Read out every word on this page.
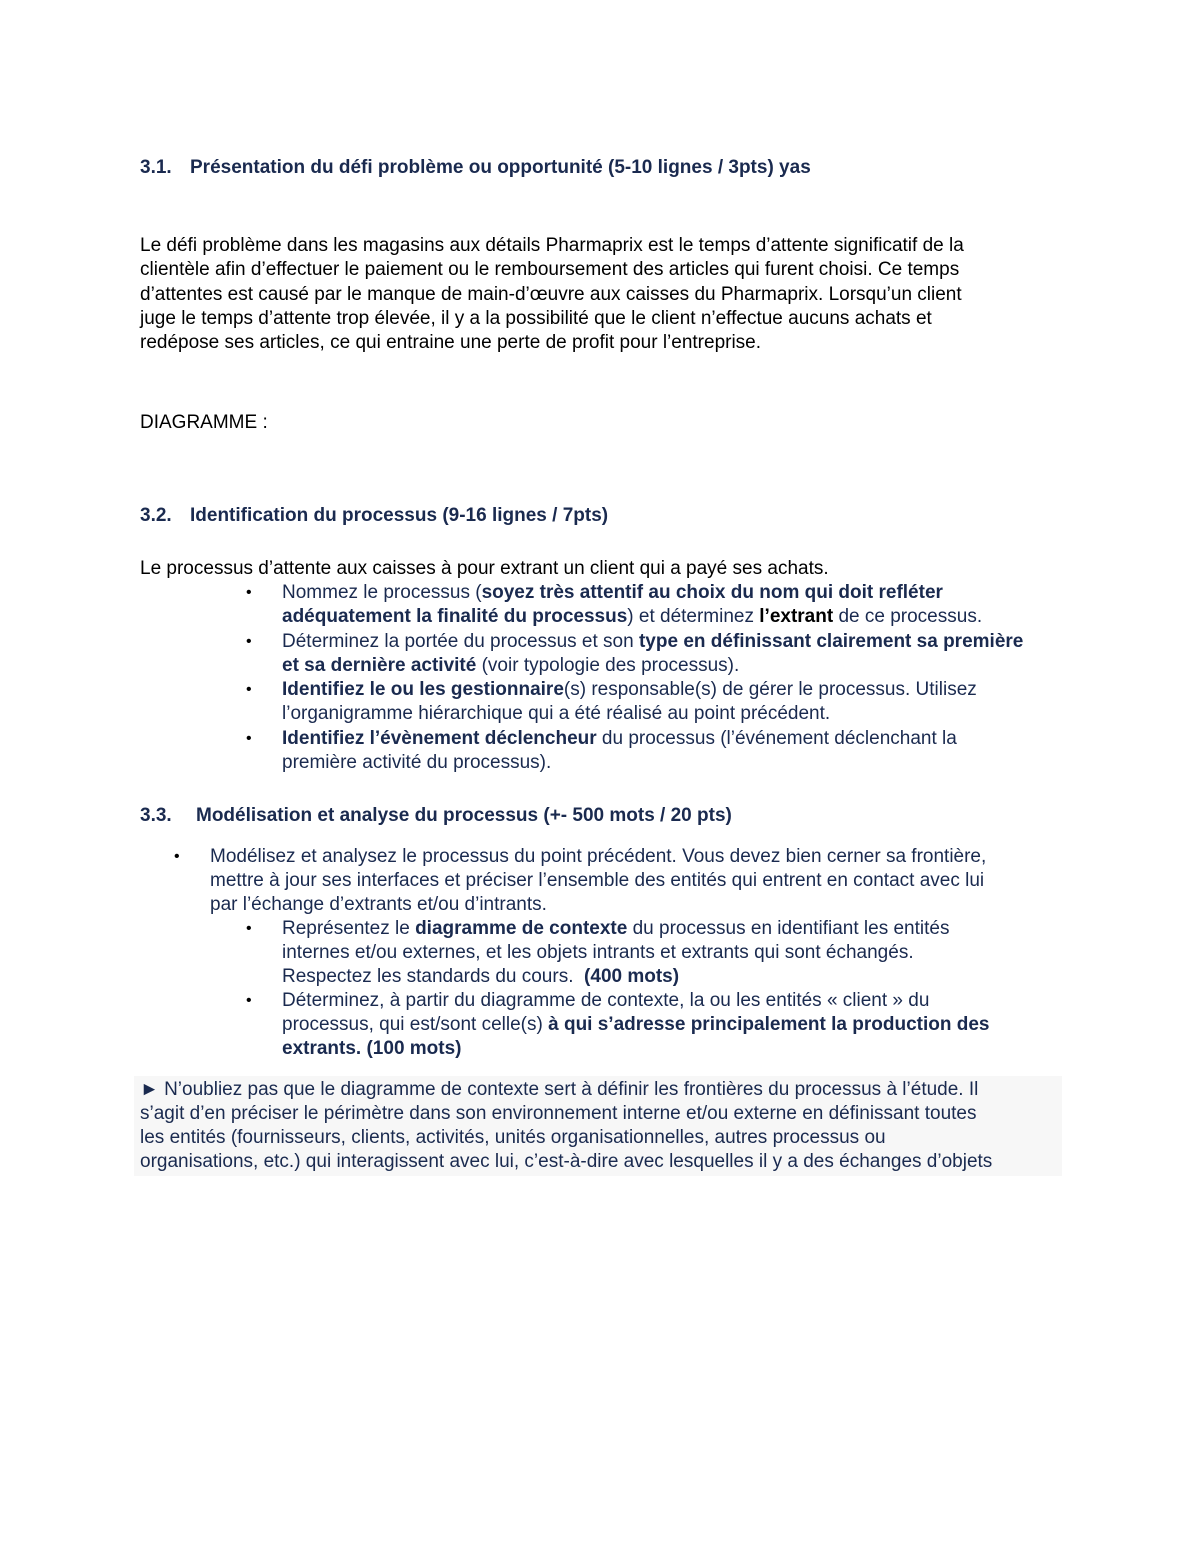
3.1. Présentation du défi problème ou opportunité (5-10 lignes / 3pts) yas
Le défi problème dans les magasins aux détails Pharmaprix est le temps d’attente significatif de la
clientèle afin d’effectuer le paiement ou le remboursement des articles qui furent choisi. Ce temps
d’attentes est causé par le manque de main-d’œuvre aux caisses du Pharmaprix. Lorsqu’un client
juge le temps d’attente trop élevée, il y a la possibilité que le client n’effectue aucuns achats et
redépose ses articles, ce qui entraine une perte de profit pour l’entreprise.
DIAGRAMME :
3.2. Identification du processus (9-16 lignes / 7pts)
Le processus d’attente aux caisses à pour extrant un client qui a payé ses achats.
• Nommez le processus (soyez très attentif au choix du nom qui doit refléter
adéquatement la finalité du processus) et déterminez l’extrant de ce processus.
• Déterminez la portée du processus et son type en définissant clairement sa première
et sa dernière activité (voir typologie des processus).
• Identifiez le ou les gestionnaire(s) responsable(s) de gérer le processus. Utilisez
l’organigramme hiérarchique qui a été réalisé au point précédent.
• Identifiez l’évènement déclencheur du processus (l’événement déclenchant la
première activité du processus).
3.3. Modélisation et analyse du processus (+- 500 mots / 20 pts)
• Modélisez et analysez le processus du point précédent. Vous devez bien cerner sa frontière,
mettre à jour ses interfaces et préciser l’ensemble des entités qui entrent en contact avec lui
par l’échange d’extrants et/ou d’intrants.
• Représentez le diagramme de contexte du processus en identifiant les entités
internes et/ou externes, et les objets intrants et extrants qui sont échangés.
Respectez les standards du cours.  (400 mots)
• Déterminez, à partir du diagramme de contexte, la ou les entités « client » du
processus, qui est/sont celle(s) à qui s’adresse principalement la production des
extrants. (100 mots)
► N’oubliez pas que le diagramme de contexte sert à définir les frontières du processus à l’étude. Il
s’agit d’en préciser le périmètre dans son environnement interne et/ou externe en définissant toutes
les entités (fournisseurs, clients, activités, unités organisationnelles, autres processus ou
organisations, etc.) qui interagissent avec lui, c’est-à-dire avec lesquelles il y a des échanges d’objets
